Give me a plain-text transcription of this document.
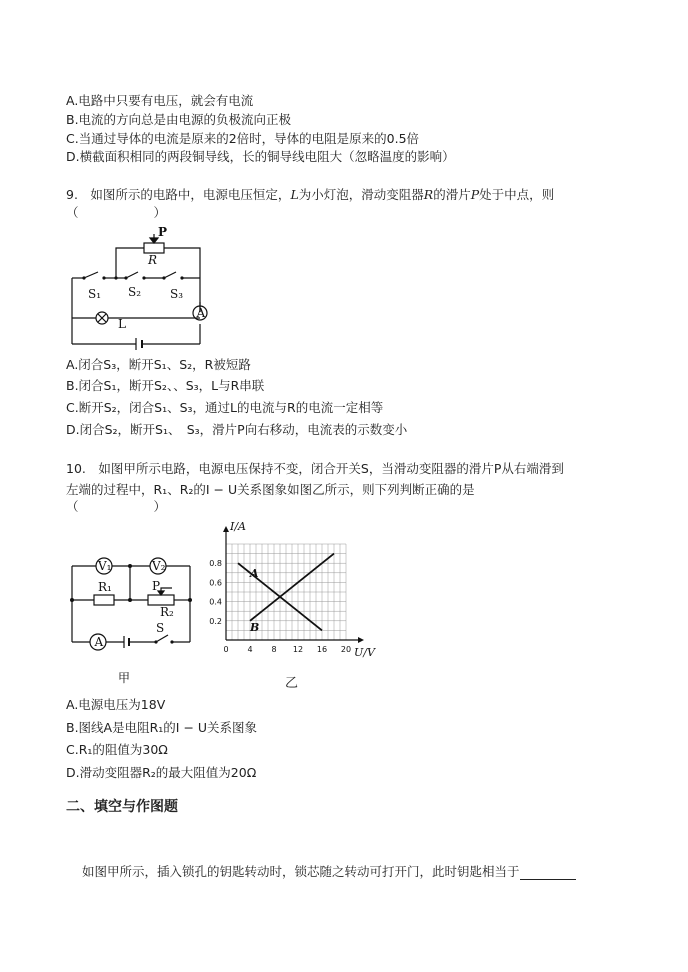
A.电路中只要有电压，就会有电流
B.电流的方向总是由电源的负极流向正极
C.当通过导体的电流是原来的2倍时，导体的电阻是原来的0.5倍
D.横截面积相同的两段铜导线，长的铜导线电阻大（忽略温度的影响）
9.　如图所示的电路中，电源电压恒定，L为小灯泡，滑动变阻器R的滑片P处于中点，则
（　　　　　　）
P
R
S₁ S₂ S₃
L
A
A.闭合S₃，断开S₁、S₂，R被短路
B.闭合S₁，断开S₂、、S₃，L与R串联
C.断开S₂，闭合S₁、S₃，通过L的电流与R的电流一定相等
D.闭合S₂，断开S₁、　S₃，滑片P向右移动，电流表的示数变小
10.　如图甲所示电路，电源电压保持不变，闭合开关S，当滑动变阻器的滑片P从右端滑到
左端的过程中，R₁、R₂的I − U关系图象如图乙所示，则下列判断正确的是
（　　　　　　）
V₁	V₂
R₁	P
R₂
A
S
甲
I/A
U/V
A
B
0 4 8 12 16 20
0.2
0.4
0.6
0.8
乙
A.电源电压为18V
B.图线A是电阻R₁的I − U关系图象
C.R₁的阻值为30Ω
D.滑动变阻器R₂的最大阻值为20Ω
二、填空与作图题
如图甲所示，插入锁孔的钥匙转动时，锁芯随之转动可打开门，此时钥匙相当于
